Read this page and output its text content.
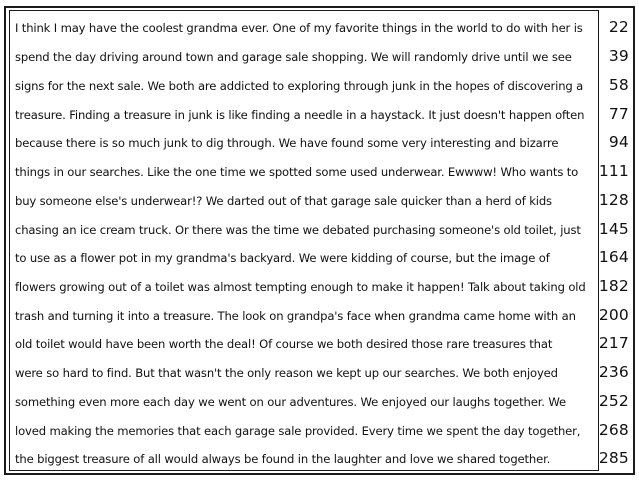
I think I may have the coolest grandma ever. One of my favorite things in the world to do with her is
spend the day driving around town and garage sale shopping. We will randomly drive until we see
signs for the next sale. We both are addicted to exploring through junk in the hopes of discovering a
treasure. Finding a treasure in junk is like finding a needle in a haystack. It just doesn't happen often
because there is so much junk to dig through. We have found some very interesting and bizarre
things in our searches. Like the one time we spotted some used underwear. Ewwww! Who wants to
buy someone else's underwear!? We darted out of that garage sale quicker than a herd of kids
chasing an ice cream truck. Or there was the time we debated purchasing someone's old toilet, just
to use as a flower pot in my grandma's backyard. We were kidding of course, but the image of
flowers growing out of a toilet was almost tempting enough to make it happen! Talk about taking old
trash and turning it into a treasure. The look on grandpa's face when grandma came home with an
old toilet would have been worth the deal! Of course we both desired those rare treasures that
were so hard to find. But that wasn't the only reason we kept up our searches. We both enjoyed
something even more each day we went on our adventures. We enjoyed our laughs together. We
loved making the memories that each garage sale provided. Every time we spent the day together,
the biggest treasure of all would always be found in the laughter and love we shared together.
22
39
58
77
94
111
128
145
164
182
200
217
236
252
268
285
